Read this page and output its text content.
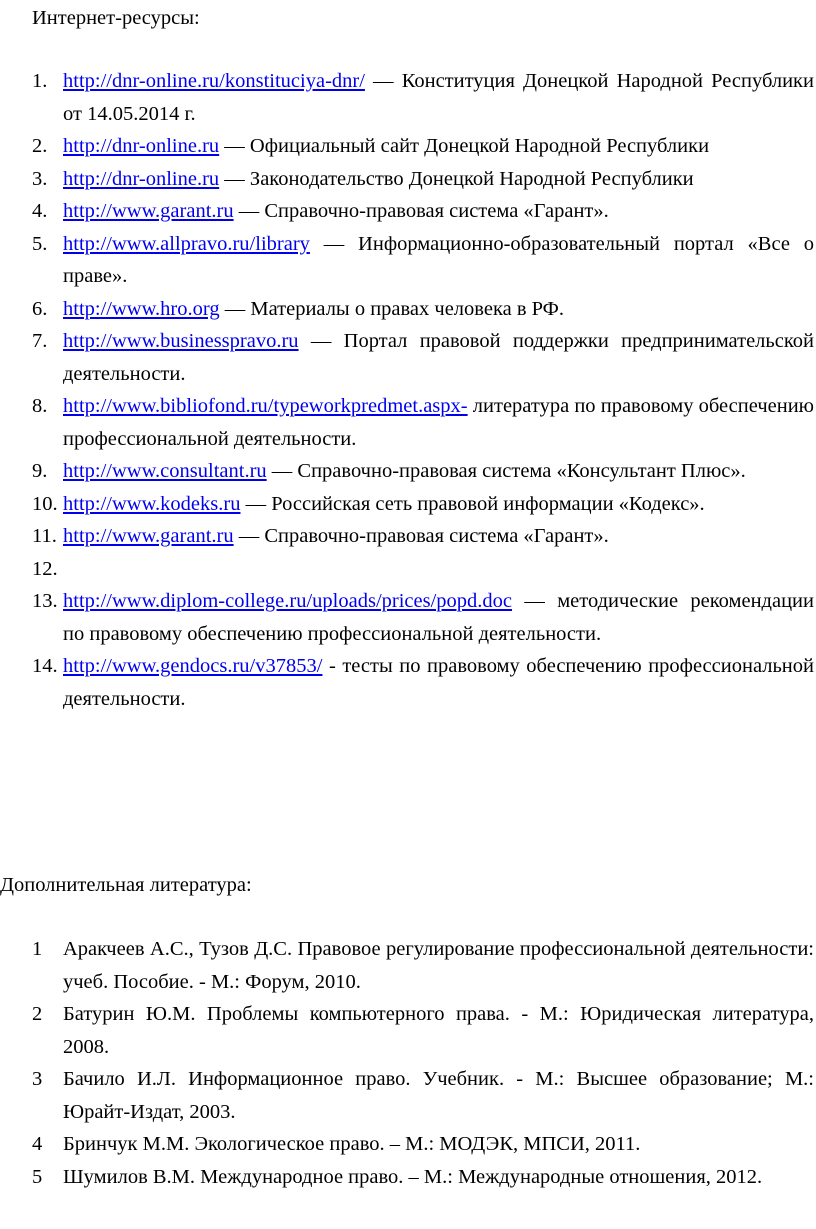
Интернет-ресурсы:
1. http://dnr-online.ru/konstituciya-dnr/ — Конституция Донецкой Народной Республики от 14.05.2014 г.
2. http://dnr-online.ru — Официальный сайт Донецкой Народной Республики
3. http://dnr-online.ru — Законодательство Донецкой Народной Республики
4. http://www.garant.ru — Справочно-правовая система «Гарант».
5. http://www.allpravo.ru/library — Информационно-образовательный портал «Все о праве».
6. http://www.hro.org — Материалы о правах человека в РФ.
7. http://www.businesspravo.ru — Портал правовой поддержки предпринимательской деятельности.
8. http://www.bibliofond.ru/typeworkpredmet.aspx- литература по правовому обеспечению профессиональной деятельности.
9. http://www.consultant.ru — Справочно-правовая система «Консультант Плюс».
10. http://www.kodeks.ru — Российская сеть правовой информации «Кодекс».
11. http://www.garant.ru — Справочно-правовая система «Гарант».
12.
13. http://www.diplom-college.ru/uploads/prices/popd.doc — методические рекомендации по правовому обеспечению профессиональной деятельности.
14. http://www.gendocs.ru/v37853/ - тесты по правовому обеспечению профессиональной деятельности.
Дополнительная литература:
1 Аракчеев А.С., Тузов Д.С. Правовое регулирование профессиональной деятельности: учеб. Пособие. - М.: Форум, 2010.
2 Батурин Ю.М. Проблемы компьютерного права. - М.: Юридическая литература, 2008.
3 Бачило И.Л. Информационное право. Учебник. - М.: Высшее образование; М.: Юрайт-Издат, 2003.
4 Бринчук М.М. Экологическое право. – М.: МОДЭК, МПСИ, 2011.
5 Шумилов В.М. Международное право. – М.: Международные отношения, 2012.
